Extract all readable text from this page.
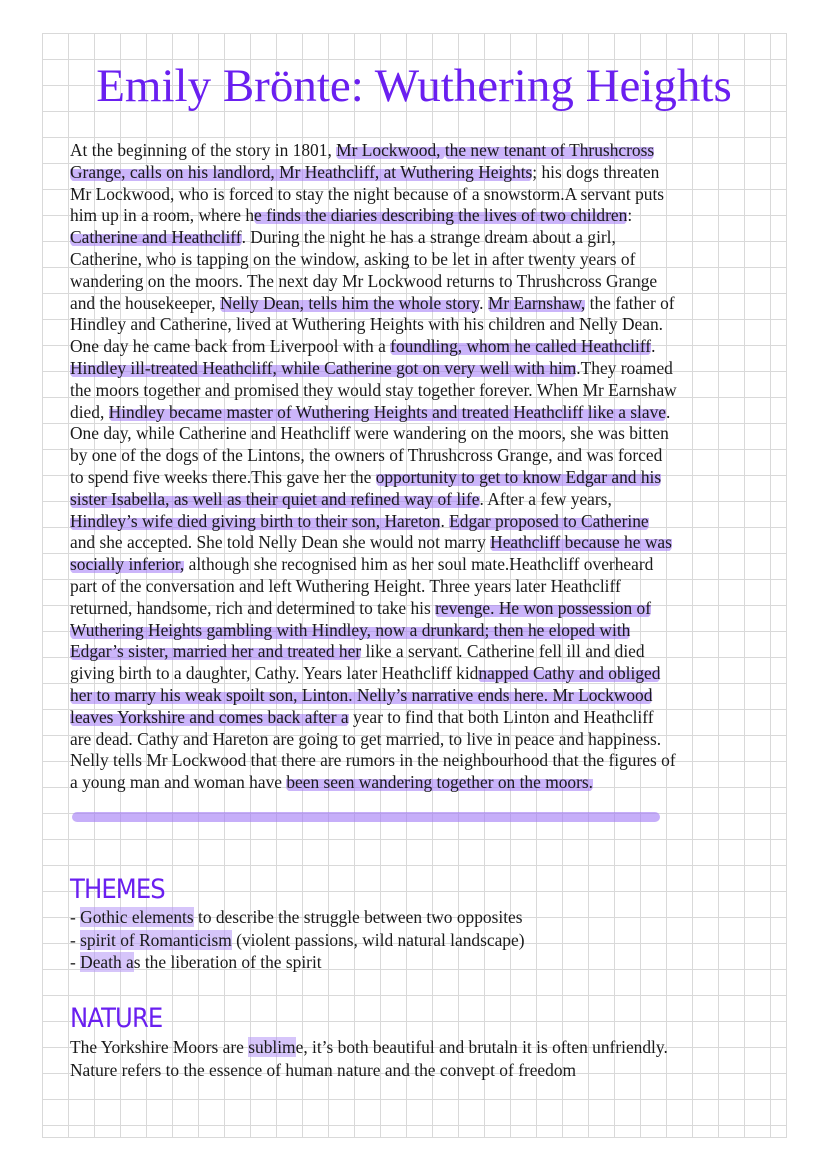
Emily Brönte: Wuthering Heights
At the beginning of the story in 1801, Mr Lockwood, the new tenant of Thrushcross
Grange, calls on his landlord, Mr Heathcliff, at Wuthering Heights; his dogs threaten
Mr Lockwood, who is forced to stay the night because of a snowstorm.A servant puts
him up in a room, where he finds the diaries describing the lives of two children:
Catherine and Heathcliff. During the night he has a strange dream about a girl,
Catherine, who is tapping on the window, asking to be let in after twenty years of
wandering on the moors. The next day Mr Lockwood returns to Thrushcross Grange
and the housekeeper, Nelly Dean, tells him the whole story. Mr Earnshaw, the father of
Hindley and Catherine, lived at Wuthering Heights with his children and Nelly Dean.
One day he came back from Liverpool with a foundling, whom he called Heathcliff.
Hindley ill-treated Heathcliff, while Catherine got on very well with him.They roamed
the moors together and promised they would stay together forever. When Mr Earnshaw
died, Hindley became master of Wuthering Heights and treated Heathcliff like a slave.
One day, while Catherine and Heathcliff were wandering on the moors, she was bitten
by one of the dogs of the Lintons, the owners of Thrushcross Grange, and was forced
to spend five weeks there.This gave her the opportunity to get to know Edgar and his
sister Isabella, as well as their quiet and refined way of life. After a few years,
Hindley’s wife died giving birth to their son, Hareton. Edgar proposed to Catherine
and she accepted. She told Nelly Dean she would not marry Heathcliff because he was
socially inferior, although she recognised him as her soul mate.Heathcliff overheard
part of the conversation and left Wuthering Height. Three years later Heathcliff
returned, handsome, rich and determined to take his revenge. He won possession of
Wuthering Heights gambling with Hindley, now a drunkard; then he eloped with
Edgar’s sister, married her and treated her like a servant. Catherine fell ill and died
giving birth to a daughter, Cathy. Years later Heathcliff kidnapped Cathy and obliged
her to marry his weak spoilt son, Linton. Nelly’s narrative ends here. Mr Lockwood
leaves Yorkshire and comes back after a year to find that both Linton and Heathcliff
are dead. Cathy and Hareton are going to get married, to live in peace and happiness.
Nelly tells Mr Lockwood that there are rumors in the neighbourhood that the figures of
a young man and woman have been seen wandering together on the moors.
THEMES
- Gothic elements to describe the struggle between two opposites
- spirit of Romanticism (violent passions, wild natural landscape)
- Death as the liberation of the spirit
NATURE
The Yorkshire Moors are sublime, it’s both beautiful and brutaln it is often unfriendly.
Nature refers to the essence of human nature and the convept of freedom
